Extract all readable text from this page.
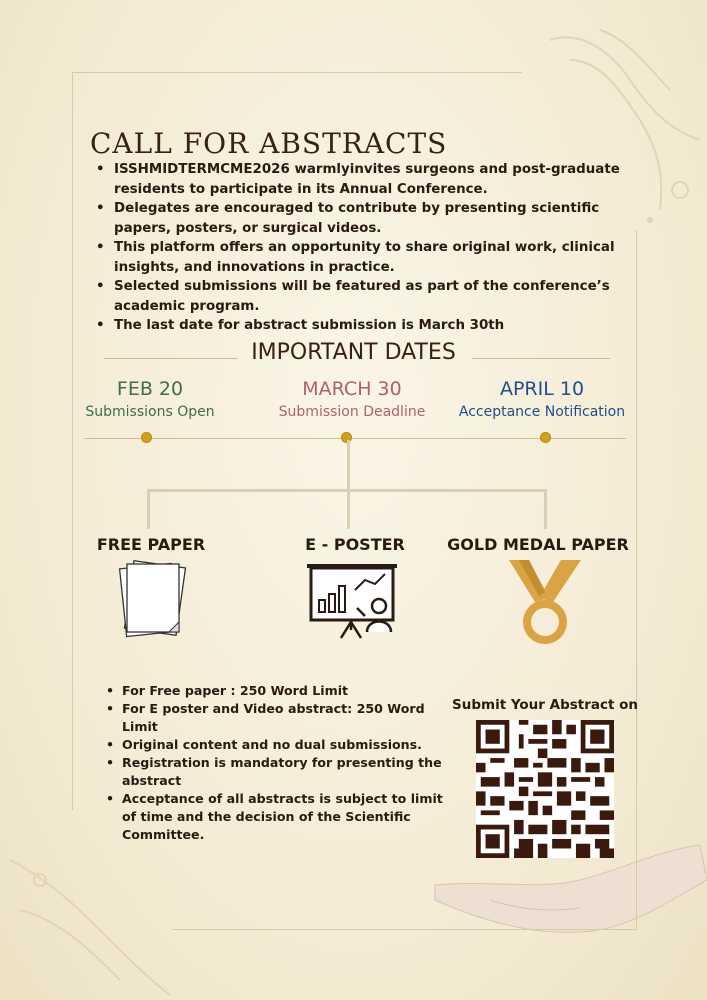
CALL FOR ABSTRACTS
• ISSHMIDTERMCME2026 warmlyinvites surgeons and post-graduate residents to participate in its Annual Conference.
• Delegates are encouraged to contribute by presenting scientific papers, posters, or surgical videos.
• This platform offers an opportunity to share original work, clinical insights, and innovations in practice.
• Selected submissions will be featured as part of the conference’s academic program.
• The last date for abstract submission is March 30th
IMPORTANT DATES
FEB 20
Submissions Open
MARCH 30
Submission Deadline
APRIL 10
Acceptance Notification
FREE PAPER	E - POSTER	GOLD MEDAL PAPER
• For Free paper : 250 Word Limit
• For E poster and Video abstract: 250 Word Limit
• Original content and no dual submissions.
• Registration is mandatory for presenting the abstract
• Acceptance of all abstracts is subject to limit of time and the decision of the Scientific Committee.
Submit Your Abstract on
